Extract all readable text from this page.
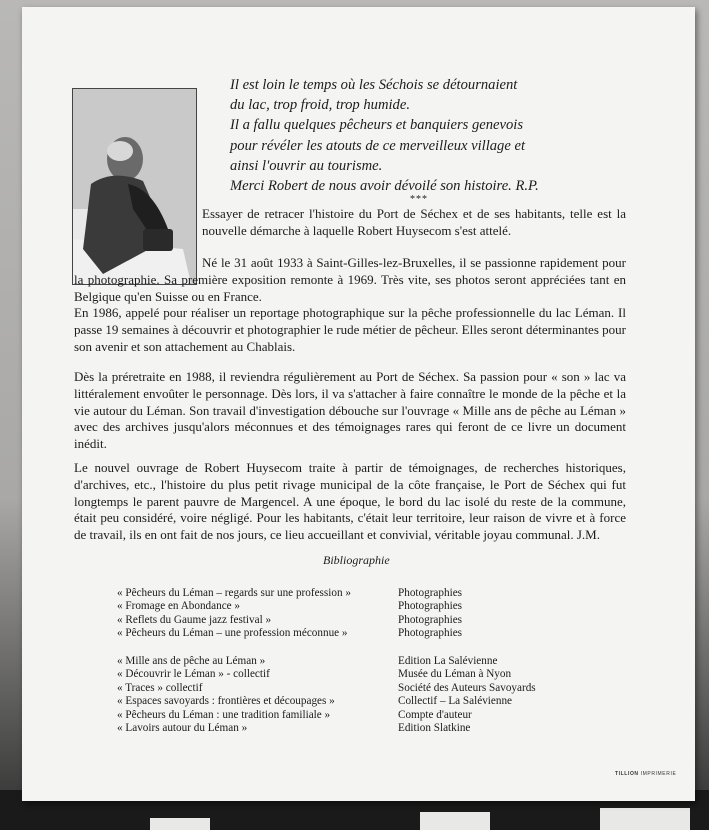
Il est loin le temps où les Séchois se détournaient
du lac, trop froid, trop humide.
Il a fallu quelques pêcheurs et banquiers genevois
pour révéler les atouts de ce merveilleux village et
ainsi l'ouvrir au tourisme.
Merci Robert de nous avoir dévoilé son histoire. R.P.
***
Essayer de retracer l'histoire du Port de Séchex et de ses habitants, telle est la nouvelle démarche à laquelle Robert Huysecom s'est attelé.
Né le 31 août 1933 à Saint-Gilles-lez-Bruxelles, il se passionne rapidement pour la photographie. Sa première exposition remonte à 1969. Très vite, ses photos seront appréciées tant en Belgique qu'en Suisse ou en France.
En 1986, appelé pour réaliser un reportage photographique sur la pêche professionnelle du lac Léman. Il passe 19 semaines à découvrir et photographier le rude métier de pêcheur. Elles seront déterminantes pour son avenir et son attachement au Chablais.
Dès la préretraite en 1988, il reviendra régulièrement au Port de Séchex. Sa passion pour « son » lac va littéralement envoûter le personnage. Dès lors, il va s'attacher à faire connaître le monde de la pêche et la vie autour du Léman. Son travail d'investigation débouche sur l'ouvrage « Mille ans de pêche au Léman » avec des archives jusqu'alors méconnues et des témoignages rares qui feront de ce livre un document inédit.
Le nouvel ouvrage de Robert Huysecom traite à partir de témoignages, de recherches historiques, d'archives, etc., l'histoire du plus petit rivage municipal de la côte française, le Port de Séchex qui fut longtemps le parent pauvre de Margencel. A une époque, le bord du lac isolé du reste de la commune, était peu considéré, voire négligé. Pour les habitants, c'était leur territoire, leur raison de vivre et à force de travail, ils en ont fait de nos jours, ce lieu accueillant et convivial, véritable joyau communal. J.M.
Bibliographie
« Pêcheurs du Léman – regards sur une profession »
« Fromage en Abondance »
« Reflets du Gaume jazz festival »
« Pêcheurs du Léman – une profession méconnue »
Photographies
Photographies
Photographies
Photographies
« Mille ans de pêche au Léman »
« Découvrir le Léman » - collectif
« Traces » collectif
« Espaces savoyards : frontières et découpages »
« Pêcheurs du Léman : une tradition familiale »
« Lavoirs autour du Léman »
Edition La Salévienne
Musée du Léman à Nyon
Société des Auteurs Savoyards
Collectif – La Salévienne
Compte d'auteur
Edition Slatkine
TILLION IMPRIMERIE
